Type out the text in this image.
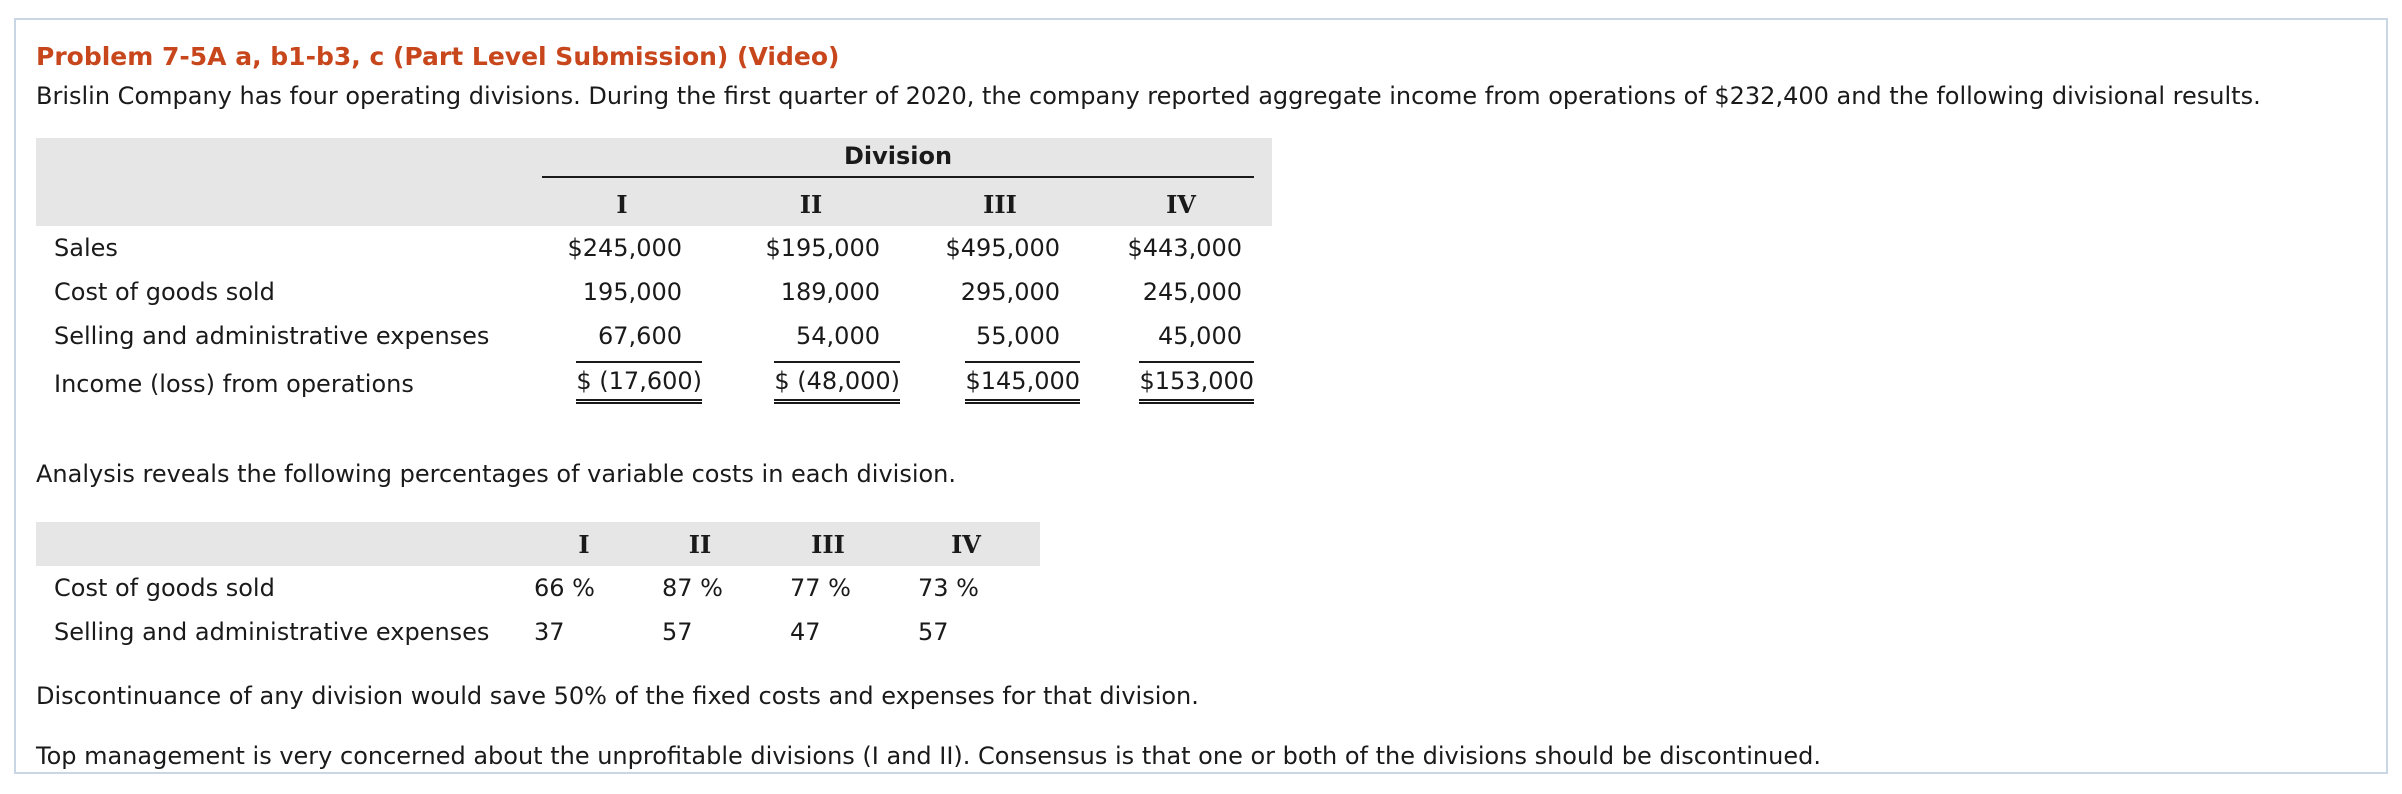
Problem 7-5A a, b1-b3, c (Part Level Submission) (Video)
Brislin Company has four operating divisions. During the first quarter of 2020, the company reported aggregate income from operations of $232,400 and the following divisional results.

	Division			

	I	II	III	IV
Sales	$245,000	$195,000	$495,000	$443,000
Cost of goods sold	195,000	189,000	295,000	245,000
Selling and administrative expenses	67,600	54,000	55,000	45,000
Income (loss) from operations	$ (17,600)	$ (48,000)	$145,000	$153,000
Analysis reveals the following percentages of variable costs in each division.
	I	II	III	IV
Cost of goods sold	66 %	87 %	77 %	73 %
Selling and administrative expenses	37	57	47	57
Discontinuance of any division would save 50% of the fixed costs and expenses for that division.
Top management is very concerned about the unprofitable divisions (I and II). Consensus is that one or both of the divisions should be discontinued.
